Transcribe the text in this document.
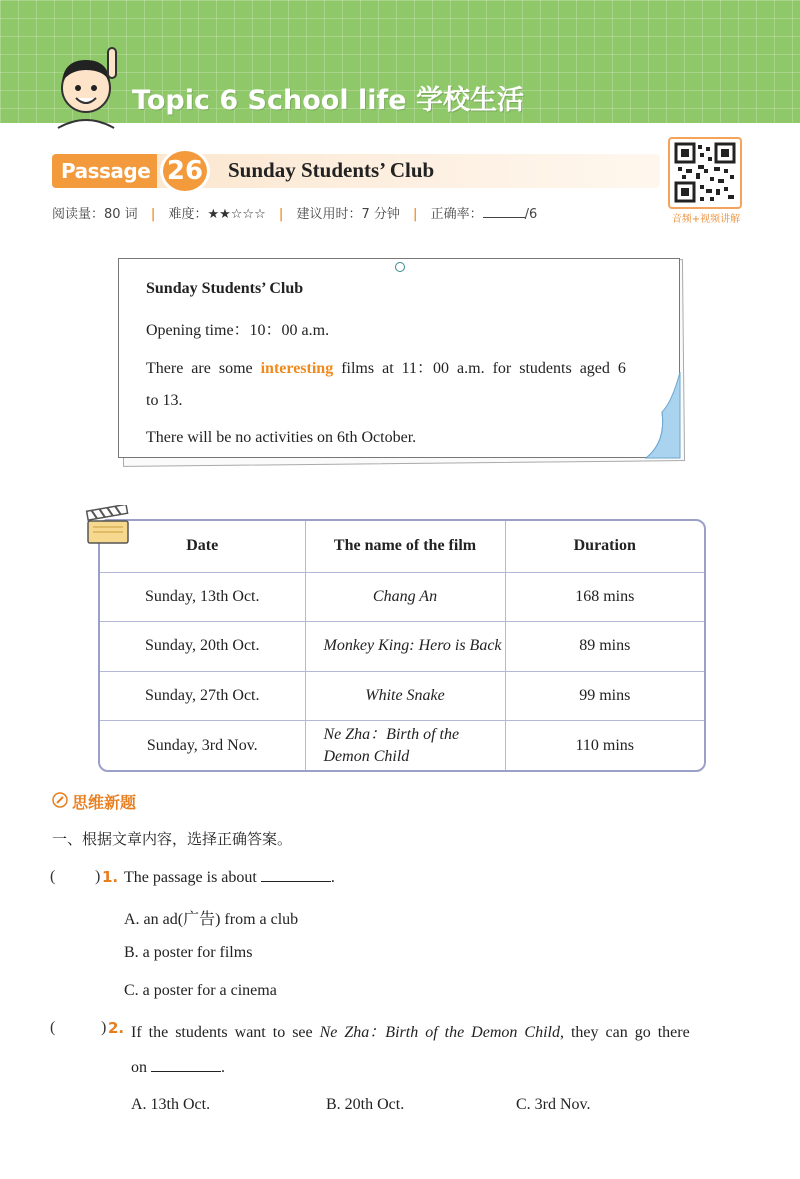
Topic 6 School life 学校生活
Passage 26	Sunday Students’ Club
音频+视频讲解
阅读量：80 词 | 难度：★★☆☆☆ | 建议用时：7 分钟 | 正确率：	/6
Sunday Students’ Club
Opening time：10：00 a.m.
There are some interesting films at 11：00 a.m. for students aged 6
to 13.
There will be no activities on 6th October.
Date	The name of the film	Duration
Sunday, 13th Oct.	Chang An	168 mins
Sunday, 20th Oct.	Monkey King: Hero is Back	89 mins
Sunday, 27th Oct.	White Snake	99 mins
Sunday, 3rd Nov.	Ne Zha：Birth of the Demon Child	110 mins
思维新题
一、根据文章内容，选择正确答案。
( ) 1. The passage is about	.
A. an ad(广告) from a club
B. a poster for films
C. a poster for a cinema
(	) 2. If the students want to see Ne Zha：Birth of the Demon Child, they can go there
on	.
A. 13th Oct.	B. 20th Oct.	C. 3rd Nov.
